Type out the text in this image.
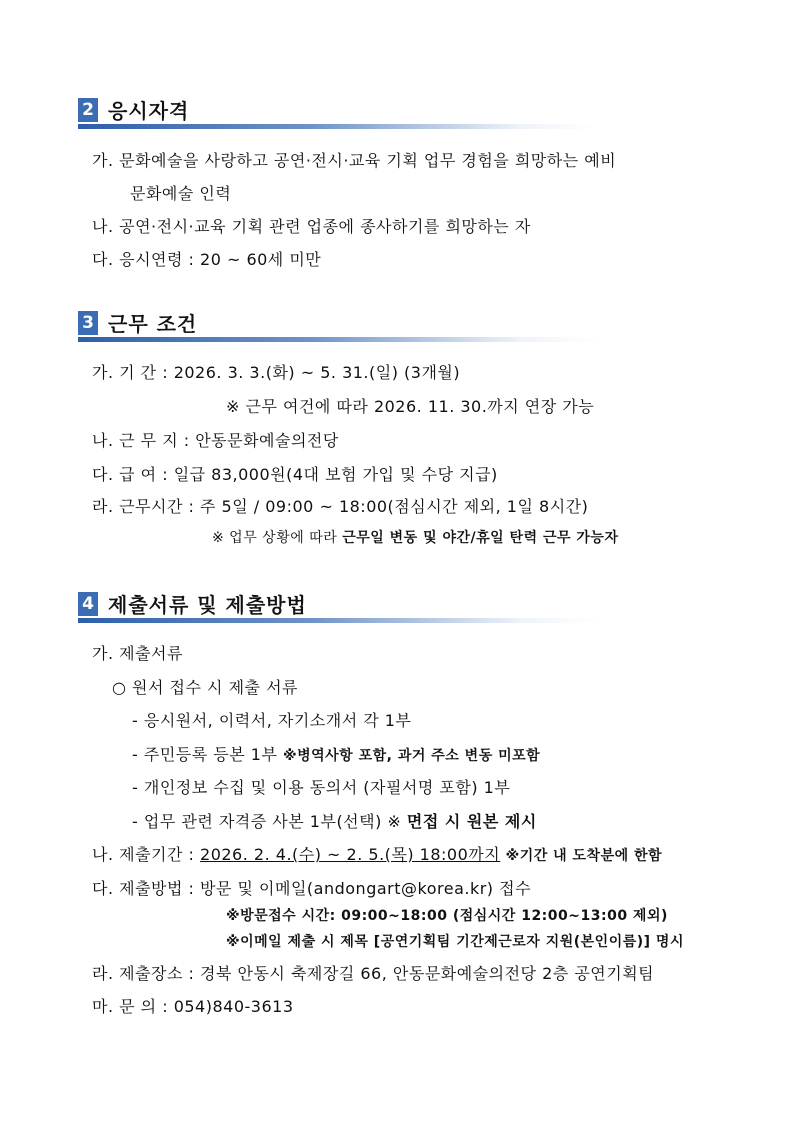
2 응시자격
가. 문화예술을 사랑하고 공연·전시·교육 기획 업무 경험을 희망하는 예비
문화예술 인력
나. 공연·전시·교육 기획 관련 업종에 종사하기를 희망하는 자
다. 응시연령 : 20 ~ 60세 미만
3 근무 조건
가. 기 간 : 2026. 3. 3.(화) ~ 5. 31.(일) (3개월)
※ 근무 여건에 따라 2026. 11. 30.까지 연장 가능
나. 근 무 지 : 안동문화예술의전당
다. 급 여 : 일급 83,000원(4대 보험 가입 및 수당 지급)
라. 근무시간 : 주 5일 / 09:00 ~ 18:00(점심시간 제외, 1일 8시간)
※ 업무 상황에 따라 근무일 변동 및 야간/휴일 탄력 근무 가능자
4 제출서류 및 제출방법
가. 제출서류
○ 원서 접수 시 제출 서류
- 응시원서, 이력서, 자기소개서 각 1부
- 주민등록 등본 1부 ※병역사항 포함, 과거 주소 변동 미포함
- 개인정보 수집 및 이용 동의서 (자필서명 포함) 1부
- 업무 관련 자격증 사본 1부(선택) ※ 면접 시 원본 제시
나. 제출기간 : 2026. 2. 4.(수) ~ 2. 5.(목) 18:00까지 ※기간 내 도착분에 한함
다. 제출방법 : 방문 및 이메일(andongart@korea.kr) 접수
※방문접수 시간: 09:00~18:00 (점심시간 12:00~13:00 제외)
※이메일 제출 시 제목 [공연기획팀 기간제근로자 지원(본인이름)] 명시
라. 제출장소 : 경북 안동시 축제장길 66, 안동문화예술의전당 2층 공연기획팀
마. 문 의 : 054)840-3613
